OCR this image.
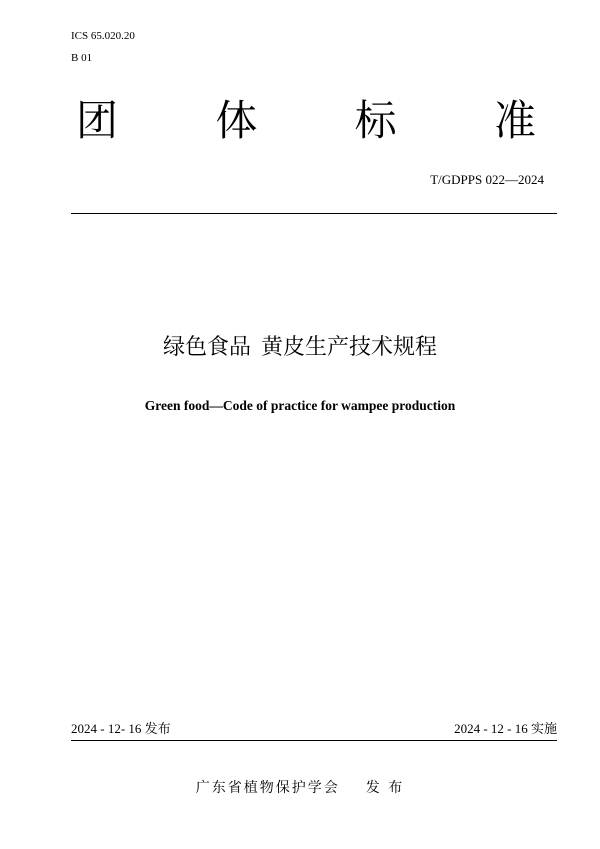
ICS 65.020.20
B 01
团 体 标 准
T/GDPPS 022—2024
绿色食品 黄皮生产技术规程
Green food—Code of practice for wampee production
2024 - 12- 16 发布	2024 - 12 - 16 实施
广东省植物保护学会 发 布
